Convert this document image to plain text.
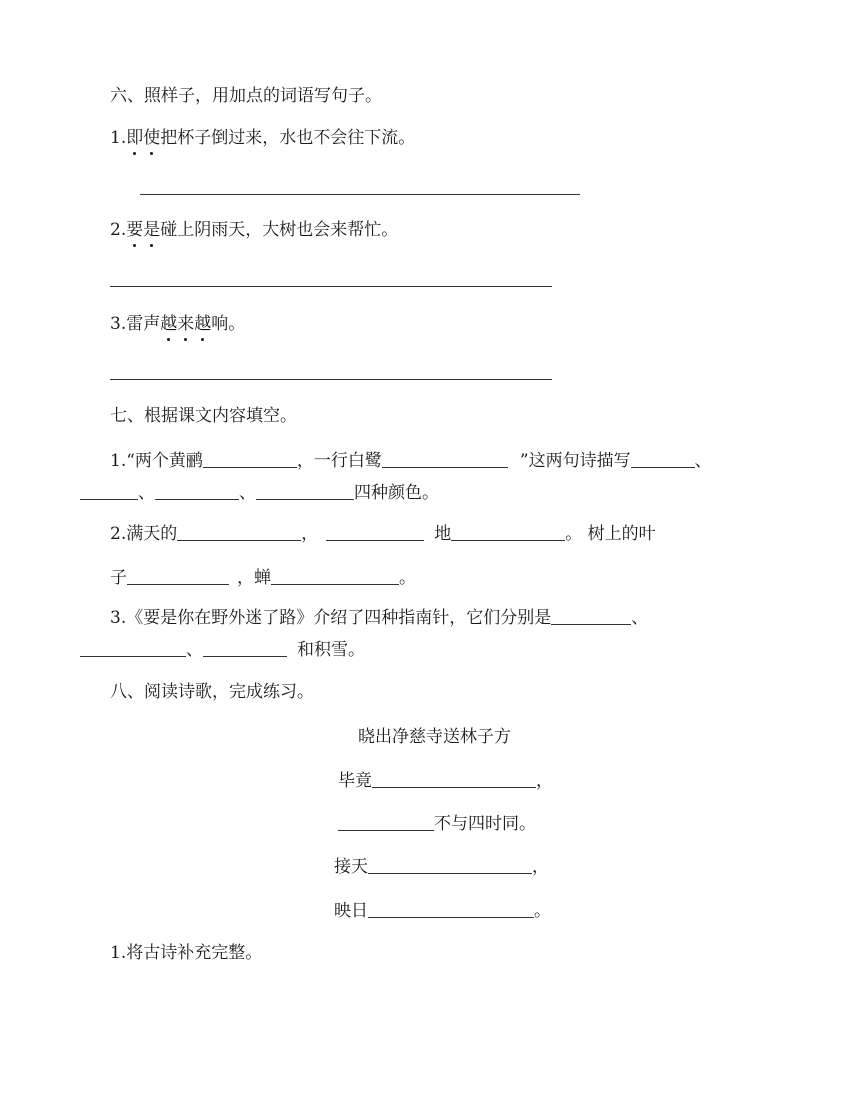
六、照样子，用加点的词语写句子。
1.即使把杯子倒过来，水也不会往下流。
2.要是碰上阴雨天，大树也会来帮忙。
3.雷声越来越响。
七、根据课文内容填空。
1.“两个黄鹂	，一行白鹭	”这两句诗描写	、
、	、	四种颜色。
2.满天的	，	地	。 树上的叶
子	，蝉	。
3.《要是你在野外迷了路》介绍了四种指南针，它们分别是	、
、	和积雪。
八、阅读诗歌，完成练习。
晓出净慈寺送林子方
毕竟	，
不与四时同。
接天	，
映日	。
1.将古诗补充完整。
